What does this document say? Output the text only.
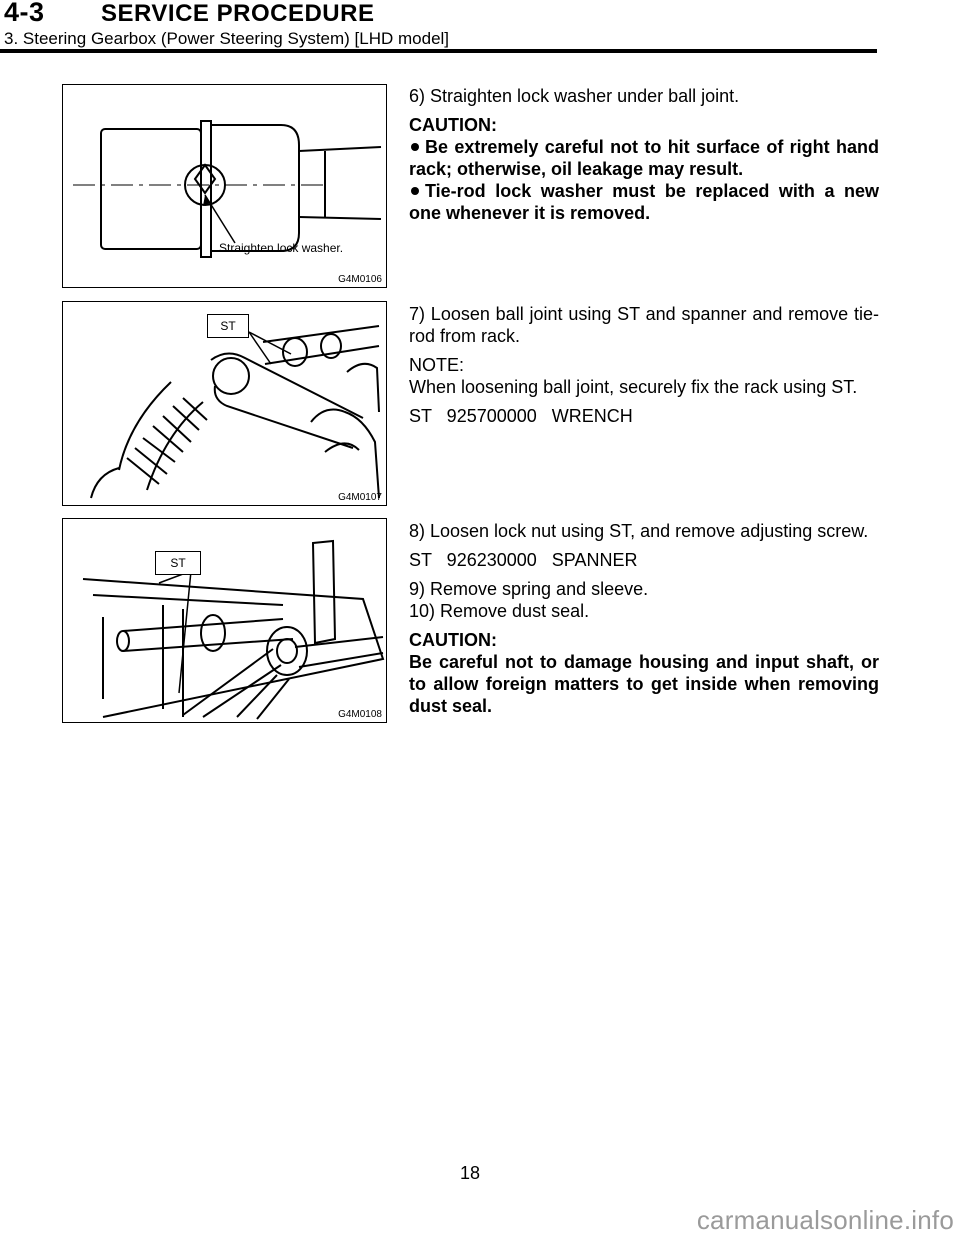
4-3 SERVICE PROCEDURE
3. Steering Gearbox (Power Steering System) [LHD model]
Straighten lock washer.
G4M0106
ST
G4M0107
ST
G4M0108

6) Straighten lock washer under ball joint.

CAUTION:

Be extremely careful not to hit surface of right hand rack; otherwise, oil leakage may result.
Tie-rod lock washer must be replaced with a new one whenever it is removed.

7) Loosen ball joint using ST and spanner and remove tie-rod from rack.

NOTE:

When loosening ball joint, securely fix the rack using ST.

ST   925700000   WRENCH

8) Loosen lock nut using ST, and remove adjusting screw.

ST   926230000   SPANNER

9) Remove spring and sleeve.

10) Remove dust seal.

CAUTION:

Be careful not to damage housing and input shaft, or to allow foreign matters to get inside when removing dust seal.

18
carmanualsonline.info
